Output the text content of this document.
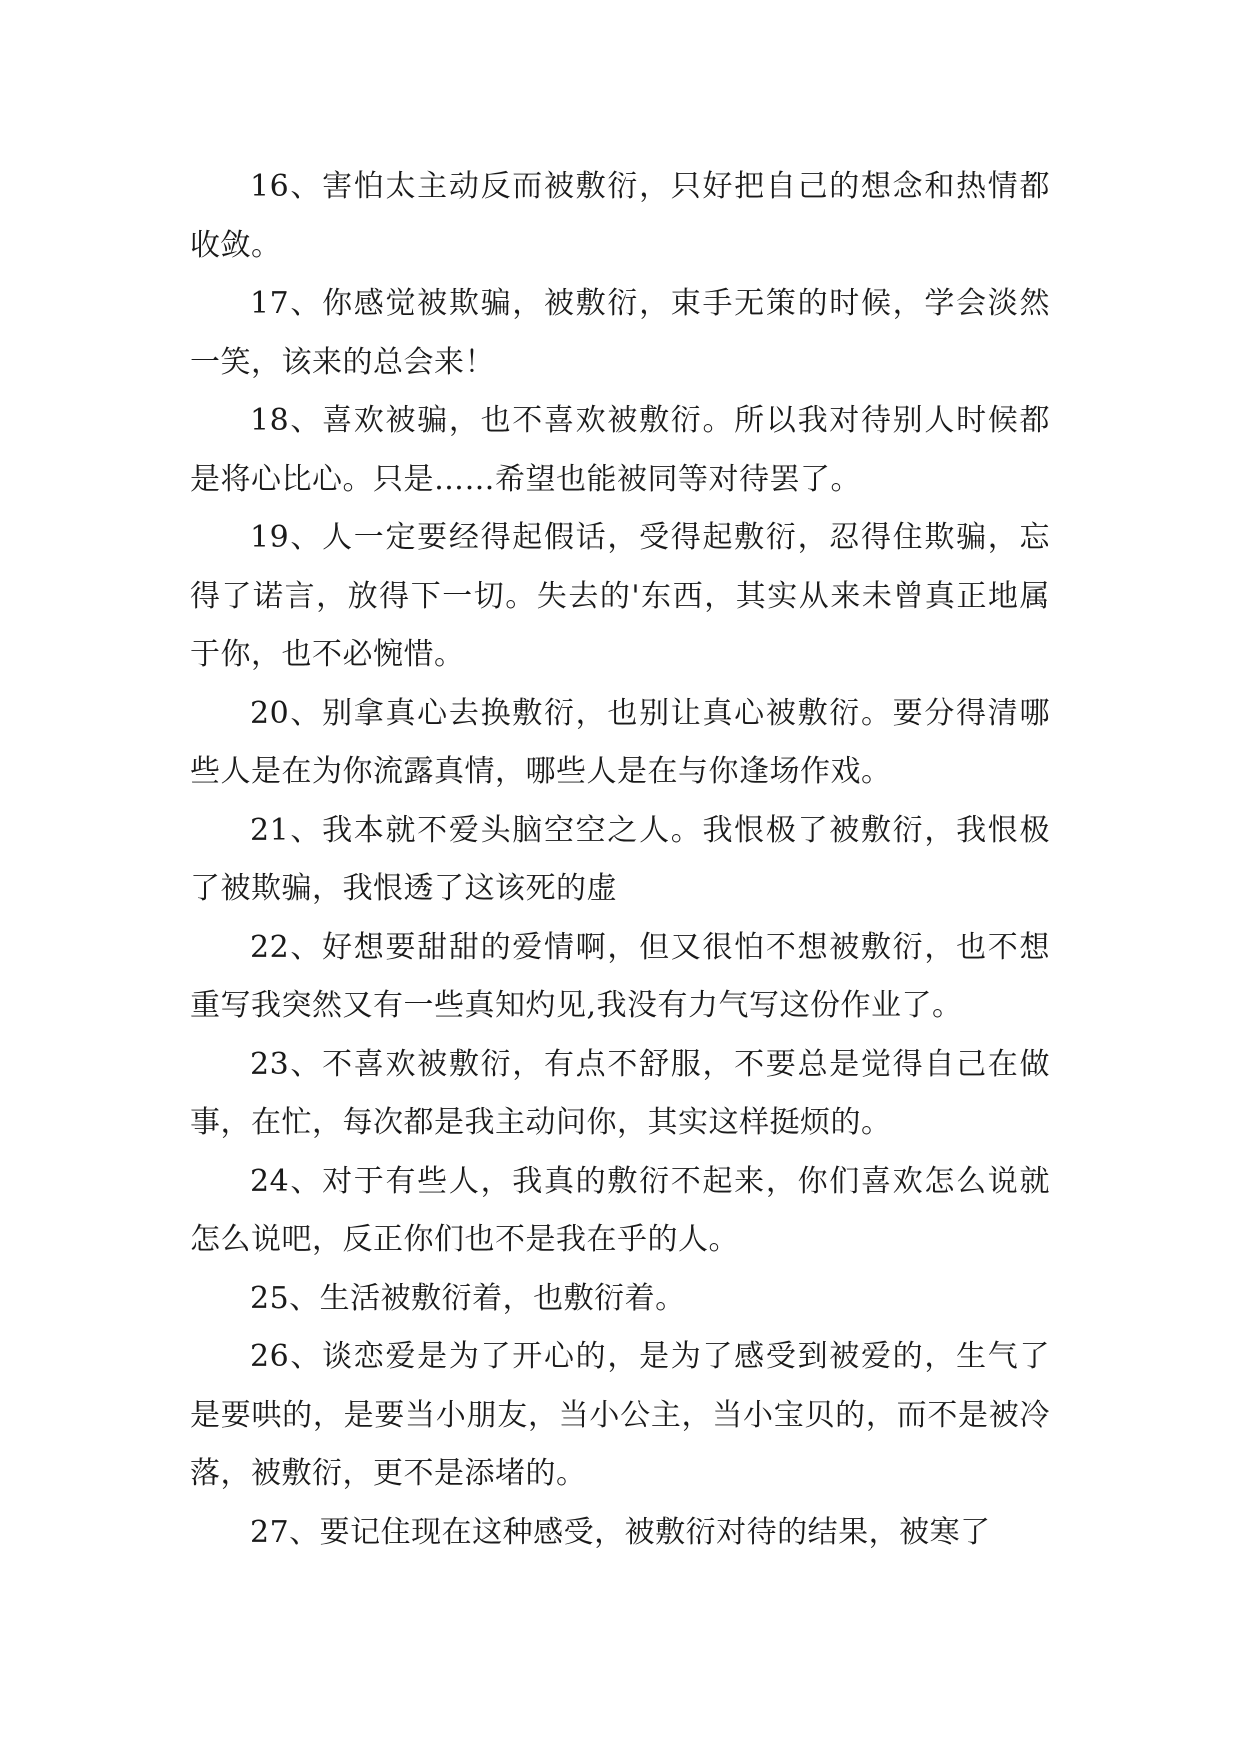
16、害怕太主动反而被敷衍，只好把自己的想念和热情都收敛。

17、你感觉被欺骗，被敷衍，束手无策的时候，学会淡然一笑，该来的总会来！

18、喜欢被骗，也不喜欢被敷衍。所以我对待别人时候都是将心比心。只是……希望也能被同等对待罢了。

19、人一定要经得起假话，受得起敷衍，忍得住欺骗，忘得了诺言，放得下一切。失去的'东西，其实从来未曾真正地属于你，也不必惋惜。

20、别拿真心去换敷衍，也别让真心被敷衍。要分得清哪些人是在为你流露真情，哪些人是在与你逢场作戏。

21、我本就不爱头脑空空之人。我恨极了被敷衍，我恨极了被欺骗，我恨透了这该死的虚

22、好想要甜甜的爱情啊，但又很怕不想被敷衍，也不想重写我突然又有一些真知灼见,我没有力气写这份作业了。

23、不喜欢被敷衍，有点不舒服，不要总是觉得自己在做事，在忙，每次都是我主动问你，其实这样挺烦的。

24、对于有些人，我真的敷衍不起来，你们喜欢怎么说就怎么说吧，反正你们也不是我在乎的人。

25、生活被敷衍着，也敷衍着。

26、谈恋爱是为了开心的，是为了感受到被爱的，生气了是要哄的，是要当小朋友，当小公主，当小宝贝的，而不是被冷落，被敷衍，更不是添堵的。

27、要记住现在这种感受，被敷衍对待的结果，被寒了
